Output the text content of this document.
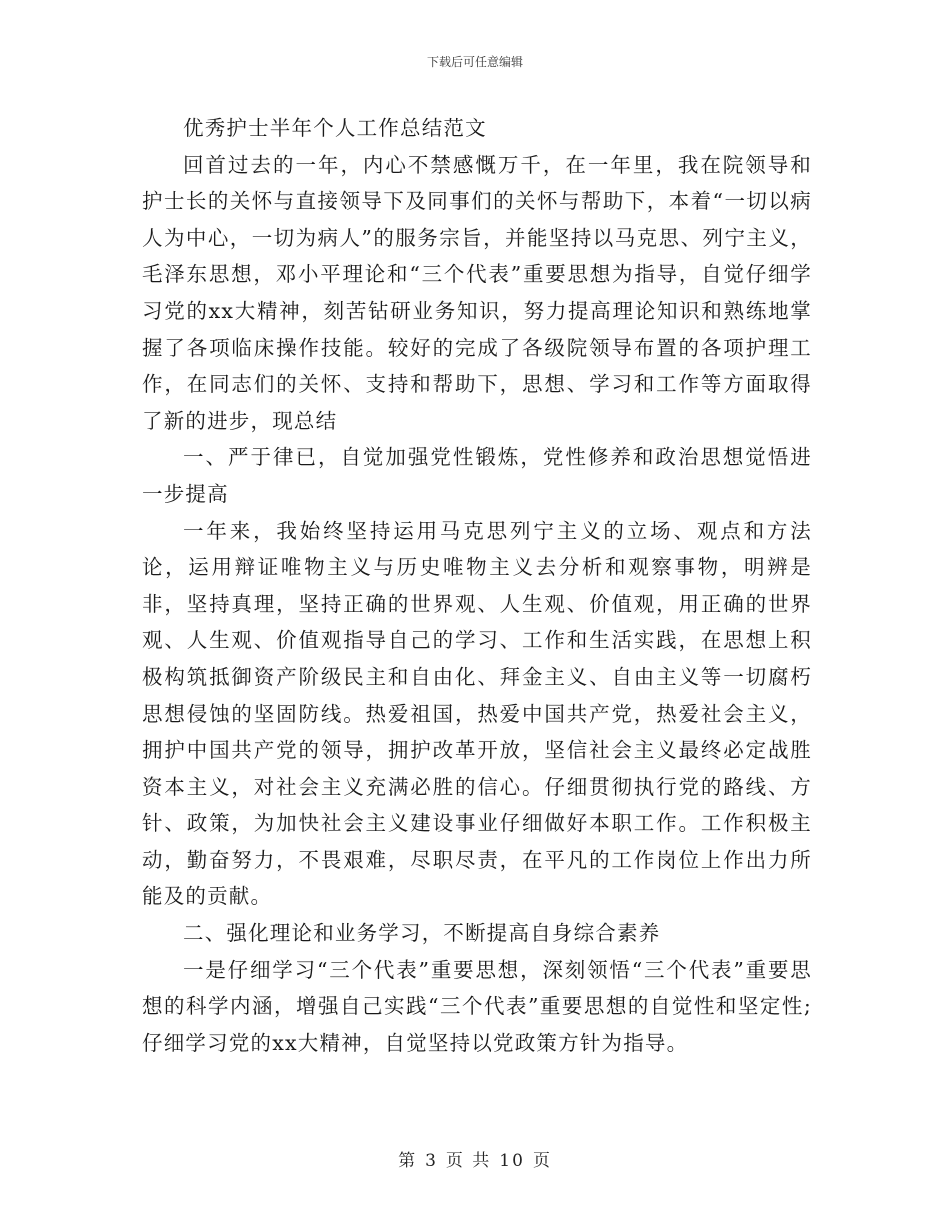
下载后可任意编辑

优秀护士半年个人工作总结范文

回首过去的一年，内心不禁感慨万千，在一年里，我在院领导和护士长的关怀与直接领导下及同事们的关怀与帮助下，本着“一切以病人为中心，一切为病人”的服务宗旨，并能坚持以马克思、列宁主义，毛泽东思想，邓小平理论和“三个代表”重要思想为指导，自觉仔细学习党的xx大精神，刻苦钻研业务知识，努力提高理论知识和熟练地掌握了各项临床操作技能。较好的完成了各级院领导布置的各项护理工作，在同志们的关怀、支持和帮助下，思想、学习和工作等方面取得了新的进步，现总结

一、严于律已，自觉加强党性锻炼，党性修养和政治思想觉悟进一步提高

一年来，我始终坚持运用马克思列宁主义的立场、观点和方法论，运用辩证唯物主义与历史唯物主义去分析和观察事物，明辨是非，坚持真理，坚持正确的世界观、人生观、价值观，用正确的世界观、人生观、价值观指导自己的学习、工作和生活实践，在思想上积极构筑抵御资产阶级民主和自由化、拜金主义、自由主义等一切腐朽思想侵蚀的坚固防线。热爱祖国，热爱中国共产党，热爱社会主义，拥护中国共产党的领导，拥护改革开放，坚信社会主义最终必定战胜资本主义，对社会主义充满必胜的信心。仔细贯彻执行党的路线、方针、政策，为加快社会主义建设事业仔细做好本职工作。工作积极主动，勤奋努力，不畏艰难，尽职尽责，在平凡的工作岗位上作出力所能及的贡献。

二、强化理论和业务学习，不断提高自身综合素养

一是仔细学习“三个代表”重要思想，深刻领悟“三个代表”重要思想的科学内涵，增强自己实践“三个代表”重要思想的自觉性和坚定性;仔细学习党的xx大精神，自觉坚持以党政策方针为指导。

第 3 页 共 10 页
